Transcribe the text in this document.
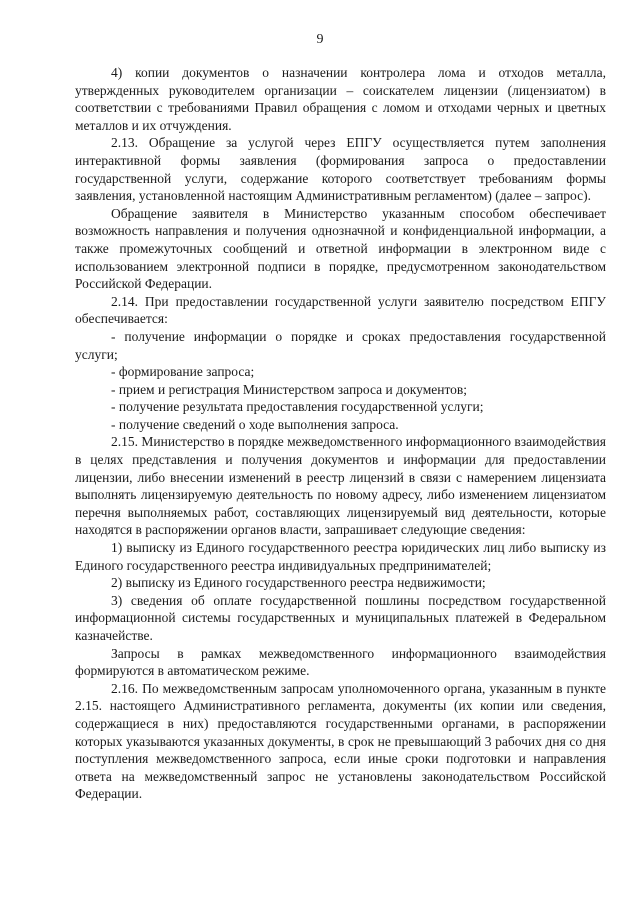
9

4) копии документов о назначении контролера лома и отходов металла, утвержденных руководителем организации – соискателем лицензии (лицензиатом) в соответствии с требованиями Правил обращения с ломом и отходами черных и цветных металлов и их отчуждения.

2.13. Обращение за услугой через ЕПГУ осуществляется путем заполнения интерактивной формы заявления (формирования запроса о предоставлении государственной услуги, содержание которого соответствует требованиям формы заявления, установленной настоящим Административным регламентом) (далее – запрос).

Обращение заявителя в Министерство указанным способом обеспечивает возможность направления и получения однозначной и конфиденциальной информации, а также промежуточных сообщений и ответной информации в электронном виде с использованием электронной подписи в порядке, предусмотренном законодательством Российской Федерации.

2.14. При предоставлении государственной услуги заявителю посредством ЕПГУ обеспечивается:

- получение информации о порядке и сроках предоставления государственной услуги;

- формирование запроса;

- прием и регистрация Министерством запроса и документов;

- получение результата предоставления государственной услуги;

- получение сведений о ходе выполнения запроса.

2.15. Министерство в порядке межведомственного информационного взаимодействия в целях представления и получения документов и информации для предоставлении лицензии, либо внесении изменений в реестр лицензий в связи с намерением лицензиата выполнять лицензируемую деятельность по новому адресу, либо изменением лицензиатом перечня выполняемых работ, составляющих лицензируемый вид деятельности, которые находятся в распоряжении органов власти, запрашивает следующие сведения:

1) выписку из Единого государственного реестра юридических лиц либо выписку из Единого государственного реестра индивидуальных предпринимателей;

2) выписку из Единого государственного реестра недвижимости;

3) сведения об оплате государственной пошлины посредством государственной информационной системы государственных и муниципальных платежей в Федеральном казначействе.

Запросы в рамках межведомственного информационного взаимодействия формируются в автоматическом режиме.

2.16. По межведомственным запросам уполномоченного органа, указанным в пункте 2.15. настоящего Административного регламента, документы (их копии или сведения, содержащиеся в них) предоставляются государственными органами, в распоряжении которых указываются указанных документы, в срок не превышающий 3 рабочих дня со дня поступления межведомственного запроса, если иные сроки подготовки и направления ответа на межведомственный запрос не установлены законодательством Российской Федерации.
